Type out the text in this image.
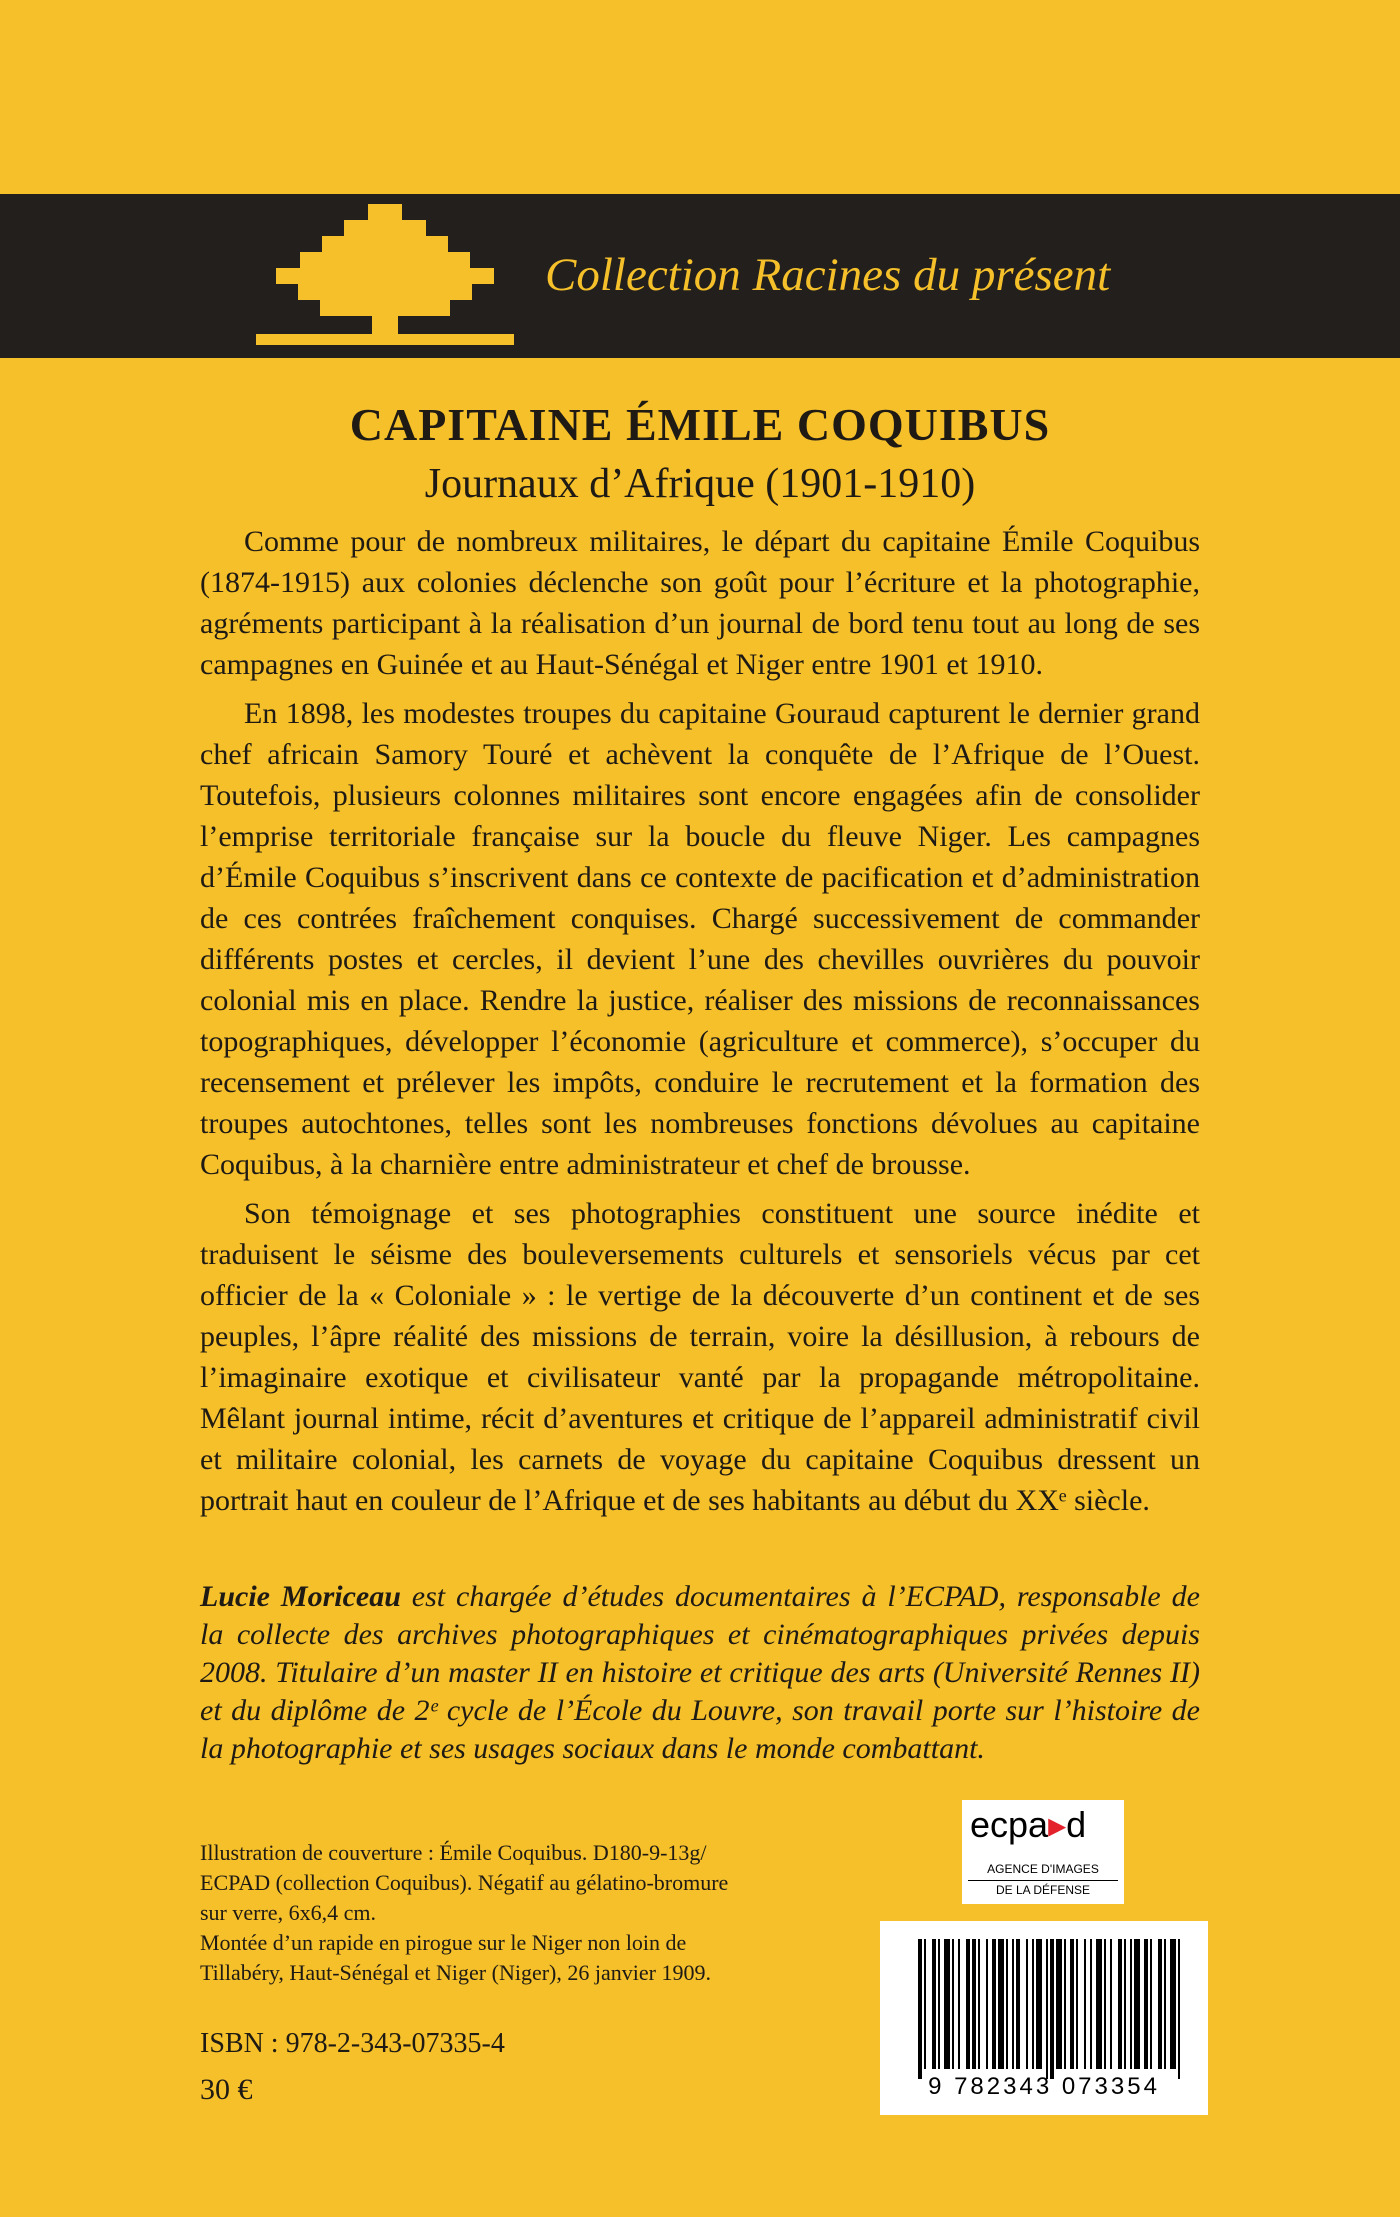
Collection Racines du présent
CAPITAINE ÉMILE COQUIBUS
Journaux d’Afrique (1901-1910)

Comme pour de nombreux militaires, le départ du capitaine Émile Coquibus (1874-1915) aux colonies déclenche son goût pour l’écriture et la photographie, agréments participant à la réalisation d’un journal de bord tenu tout au long de ses campagnes en Guinée et au Haut-Sénégal et Niger entre 1901 et 1910.

En 1898, les modestes troupes du capitaine Gouraud capturent le dernier grand chef africain Samory Touré et achèvent la conquête de l’Afrique de l’Ouest. Toutefois, plusieurs colonnes militaires sont encore engagées afin de consolider l’emprise territoriale française sur la boucle du fleuve Niger. Les campagnes d’Émile Coquibus s’inscrivent dans ce contexte de pacification et d’administration de ces contrées fraîchement conquises. Chargé successivement de commander différents postes et cercles, il devient l’une des chevilles ouvrières du pouvoir colonial mis en place. Rendre la justice, réaliser des missions de reconnaissances topographiques, développer l’économie (agriculture et commerce), s’occuper du recensement et prélever les impôts, conduire le recrutement et la formation des troupes autochtones, telles sont les nombreuses fonctions dévolues au capitaine Coquibus, à la charnière entre administrateur et chef de brousse.

Son témoignage et ses photographies constituent une source inédite et traduisent le séisme des bouleversements culturels et sensoriels vécus par cet officier de la « Coloniale » : le vertige de la découverte d’un continent et de ses peuples, l’âpre réalité des missions de terrain, voire la désillusion, à rebours de l’imaginaire exotique et civilisateur vanté par la propagande métropolitaine. Mêlant journal intime, récit d’aventures et critique de l’appareil administratif civil et militaire colonial, les carnets de voyage du capitaine Coquibus dressent un portrait haut en couleur de l’Afrique et de ses habitants au début du XXᵉ siècle.

Lucie Moriceau est chargée d’études documentaires à l’ECPAD, responsable de la collecte des archives photographiques et cinématographiques privées depuis 2008. Titulaire d’un master II en histoire et critique des arts (Université Rennes II) et du diplôme de 2ᵉ cycle de l’École du Louvre, son travail porte sur l’histoire de la photographie et ses usages sociaux dans le monde combattant.

Illustration de couverture : Émile Coquibus. D180-9-13g/
ECPAD (collection Coquibus). Négatif au gélatino-bromure
sur verre, 6x6,4 cm.
Montée d’un rapide en pirogue sur le Niger non loin de
Tillabéry, Haut-Sénégal et Niger (Niger), 26 janvier 1909.
ISBN : 978-2-343-07335-4
30 €
ecpa▸d
AGENCE D'IMAGES
DE LA DÉFENSE
9 782343 073354
